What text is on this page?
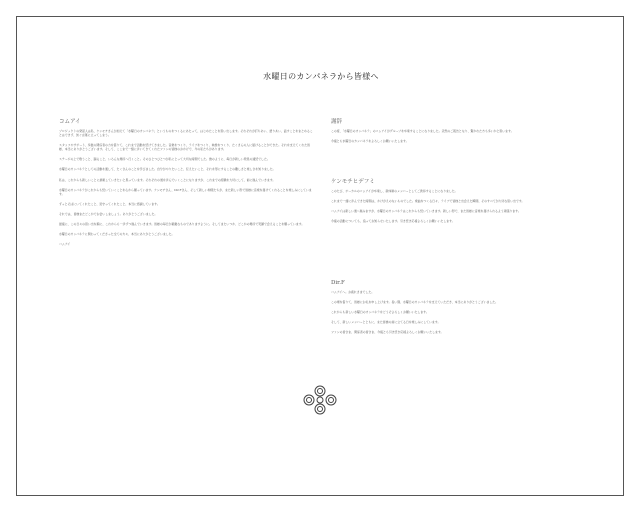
水曜日のカンパネラから皆様へ
コムアイ

プロジェクトの発起人は私、ケンモチさんが加えて「水曜日のカンパネラ」というものをつくるにあたって、はじめたことを思い出します。それぞれが打ちあい、語りあい、話すことをまとめることはできず、紡ぐ言葉に立ってしまう。

スタッフやサポート、多数の関係者の力を借りて、これまで活動を続けてきました。音楽をつくり、ライブをつくり、映像をつくり、たくさんの人に届けることができた。それを支えてくれた皆様、本当にありがとうございます。そして、ここまで一緒に歩いてきてくれたファンの皆様のおかげで、今の私たちがあります。

ステージの上で歌うこと、踊ること、いろんな場所へ行くこと。そのひとつひとつが私にとって大切な時間でした。旅のように、毎日が新しい発見の連続でした。

水曜日のカンパネラとしての活動を通して、たくさんのことを学びました。自分がやりたいこと、伝えたいこと、それを形にすることの難しさと楽しさを知りました。

私は、これからも新しいことに挑戦していきたいと思っています。それぞれの道を歩んでいくことになりますが、これまでの経験を大切にして、前に進んでいきます。

水曜日のカンパネラがこれからも続いていくことを心から願っています。ケンモチさん、Dir.Fさん、そして新しい仲間たちが、また新しい形で皆様に音楽を届けてくれることを楽しみにしています。

ずっとそばにいてくれたこと、見守ってくれたこと、本当に感謝しています。

それでは、皆様またどこかでお会いしましょう。ありがとうございました。

最後に、この日々の思い出を胸に、これからも一歩ずつ進んでいきます。皆様の毎日が素敵なものでありますように。そしてまたいつか、どこかの場所で笑顔で会えることを願っています。

水曜日のカンパネラに関わってくださった全ての方々、本当にありがとうございました。

コムアイ

謝辞

この度、「水曜日のカンパネラ」のコムアイがグループを卒業することになりました。突然のご報告となり、驚かれた方も多いかと思います。

今後とも水曜日のカンパネラをよろしくお願いいたします。

ケンモチヒデフミ

このたび、ボーカルのコムアイが卒業し、新体制のメンバーとしてご挨拶することになりました。

これまで一緒に歩んできた時間は、かけがえのないものでした。楽曲をつくる日々、ライブで皆様と出会えた瞬間、そのすべてが大切な思い出です。

コムアイは新しい道へ進みますが、水曜日のカンパネラはこれからも続いていきます。新しい形で、また皆様に音楽を届けられるよう頑張ります。

今後の活動についても、追ってお知らせいたします。引き続き応援よろしくお願いいたします。

Dir.F

コムアイへ。お疲れさまでした。

この場を借りて、皆様にお礼を申し上げます。長い間、水曜日のカンパネラを支えていただき、本当にありがとうございました。

これからも新しい水曜日のカンパネラをどうぞよろしくお願いいたします。

そして、新しいメンバーとともに、また皆様の前に立てる日を楽しみにしています。

ファンの皆さま、関係者の皆さま、今後とも引き続き応援よろしくお願いいたします。
